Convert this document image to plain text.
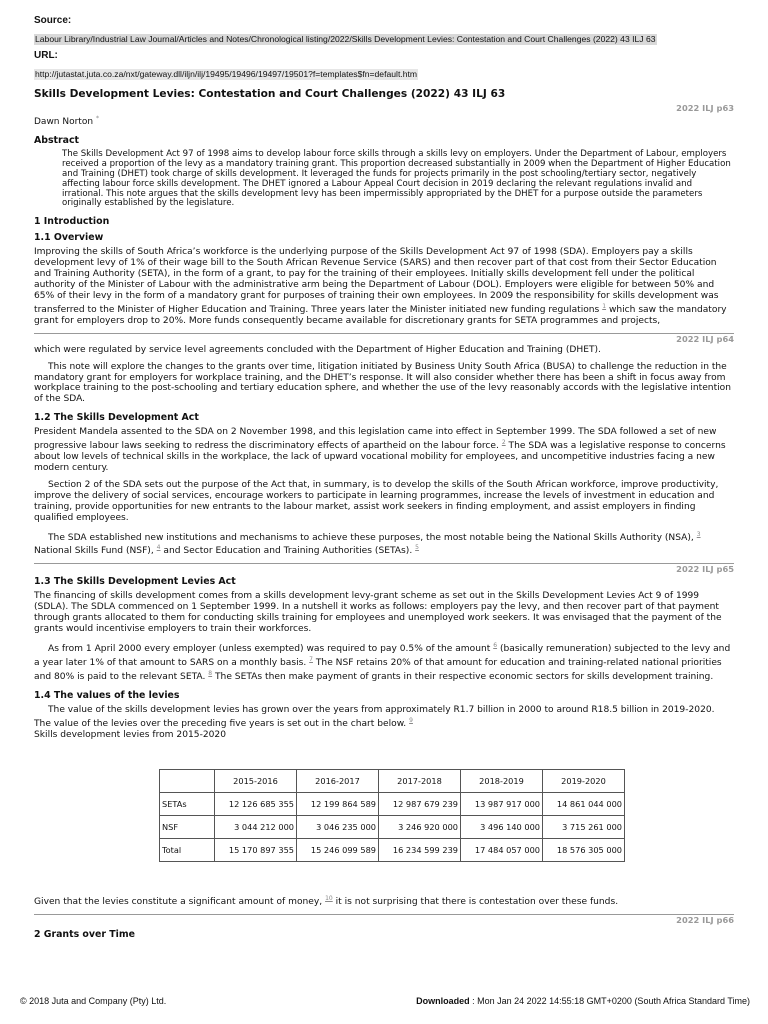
Source:

Labour Library/Industrial Law Journal/Articles and Notes/Chronological listing/2022/Skills Development Levies: Contestation and Court Challenges (2022) 43 ILJ 63

URL:

http://jutastat.juta.co.za/nxt/gateway.dll/iljn/ilj/19495/19496/19497/19501?f=templates$fn=default.htm
Skills Development Levies: Contestation and Court Challenges (2022) 43 ILJ 63

2022 ILJ p63

Dawn Norton *

Abstract

The Skills Development Act 97 of 1998 aims to develop labour force skills through a skills levy on employers. Under the Department of Labour, employers received a proportion of the levy as a mandatory training grant. This proportion decreased substantially in 2009 when the Department of Higher Education and Training (DHET) took charge of skills development. It leveraged the funds for projects primarily in the post schooling/tertiary sector, negatively affecting labour force skills development. The DHET ignored a Labour Appeal Court decision in 2019 declaring the relevant regulations invalid and irrational. This note argues that the skills development levy has been impermissibly appropriated by the DHET for a purpose outside the parameters originally established by the legislature.

1 Introduction
1.1 Overview

Improving the skills of South Africa’s workforce is the underlying purpose of the Skills Development Act 97 of 1998 (SDA). Employers pay a skills development levy of 1% of their wage bill to the South African Revenue Service (SARS) and then recover part of that cost from their Sector Education and Training Authority (SETA), in the form of a grant, to pay for the training of their employees. Initially skills development fell under the political authority of the Minister of Labour with the administrative arm being the Department of Labour (DOL). Employers were eligible for between 50% and 65% of their levy in the form of a mandatory grant for purposes of training their own employees. In 2009 the responsibility for skills development was transferred to the Minister of Higher Education and Training. Three years later the Minister initiated new funding regulations $^1$ which saw the mandatory grant for employers drop to 20%. More funds consequently became available for discretionary grants for SETA programmes and projects,

2022 ILJ p64

which were regulated by service level agreements concluded with the Department of Higher Education and Training (DHET).

This note will explore the changes to the grants over time, litigation initiated by Business Unity South Africa (BUSA) to challenge the reduction in the mandatory grant for employers for workplace training, and the DHET’s response. It will also consider whether there has been a shift in focus away from workplace training to the post-schooling and tertiary education sphere, and whether the use of the levy reasonably accords with the legislative intention of the SDA.

1.2 The Skills Development Act

President Mandela assented to the SDA on 2 November 1998, and this legislation came into effect in September 1999. The SDA followed a set of new progressive labour laws seeking to redress the discriminatory effects of apartheid on the labour force. $^2$ The SDA was a legislative response to concerns about low levels of technical skills in the workplace, the lack of upward vocational mobility for employees, and uncompetitive industries facing a new modern century.

Section 2 of the SDA sets out the purpose of the Act that, in summary, is to develop the skills of the South African workforce, improve productivity, improve the delivery of social services, encourage workers to participate in learning programmes, increase the levels of investment in education and training, provide opportunities for new entrants to the labour market, assist work seekers in finding employment, and assist employers in finding qualified employees.

The SDA established new institutions and mechanisms to achieve these purposes, the most notable being the National Skills Authority (NSA), $^3$ National Skills Fund (NSF), $^4$ and Sector Education and Training Authorities (SETAs). $^5$

2022 ILJ p65

1.3 The Skills Development Levies Act

The financing of skills development comes from a skills development levy-grant scheme as set out in the Skills Development Levies Act 9 of 1999 (SDLA). The SDLA commenced on 1 September 1999. In a nutshell it works as follows: employers pay the levy, and then recover part of that payment through grants allocated to them for conducting skills training for employees and unemployed work seekers. It was envisaged that the payment of the grants would incentivise employers to train their workforces.

As from 1 April 2000 every employer (unless exempted) was required to pay 0.5% of the amount $^6$ (basically remuneration) subjected to the levy and a year later 1% of that amount to SARS on a monthly basis. $^7$ The NSF retains 20% of that amount for education and training-related national priorities and 80% is paid to the relevant SETA. $^8$ The SETAs then make payment of grants in their respective economic sectors for skills development training.

1.4 The values of the levies

The value of the skills development levies has grown over the years from approximately R1.7 billion in 2000 to around R18.5 billion in 2019-2020. The value of the levies over the preceding five years is set out in the chart below. $^9$

Skills development levies from 2015-2020

	2015-2016	2016-2017	2017-2018	2018-2019	2019-2020
SETAs	12 126 685 355	12 199 864 589	12 987 679 239	13 987 917 000	14 861 044 000
NSF	3 044 212 000	3 046 235 000	3 246 920 000	3 496 140 000	3 715 261 000
Total	15 170 897 355	15 246 099 589	16 234 599 239	17 484 057 000	18 576 305 000

Given that the levies constitute a significant amount of money, $^{10}$ it is not surprising that there is contestation over these funds.

2022 ILJ p66

2 Grants over Time
© 2018 Juta and Company (Pty) Ltd.	Downloaded : Mon Jan 24 2022 14:55:18 GMT+0200 (South Africa Standard Time)
